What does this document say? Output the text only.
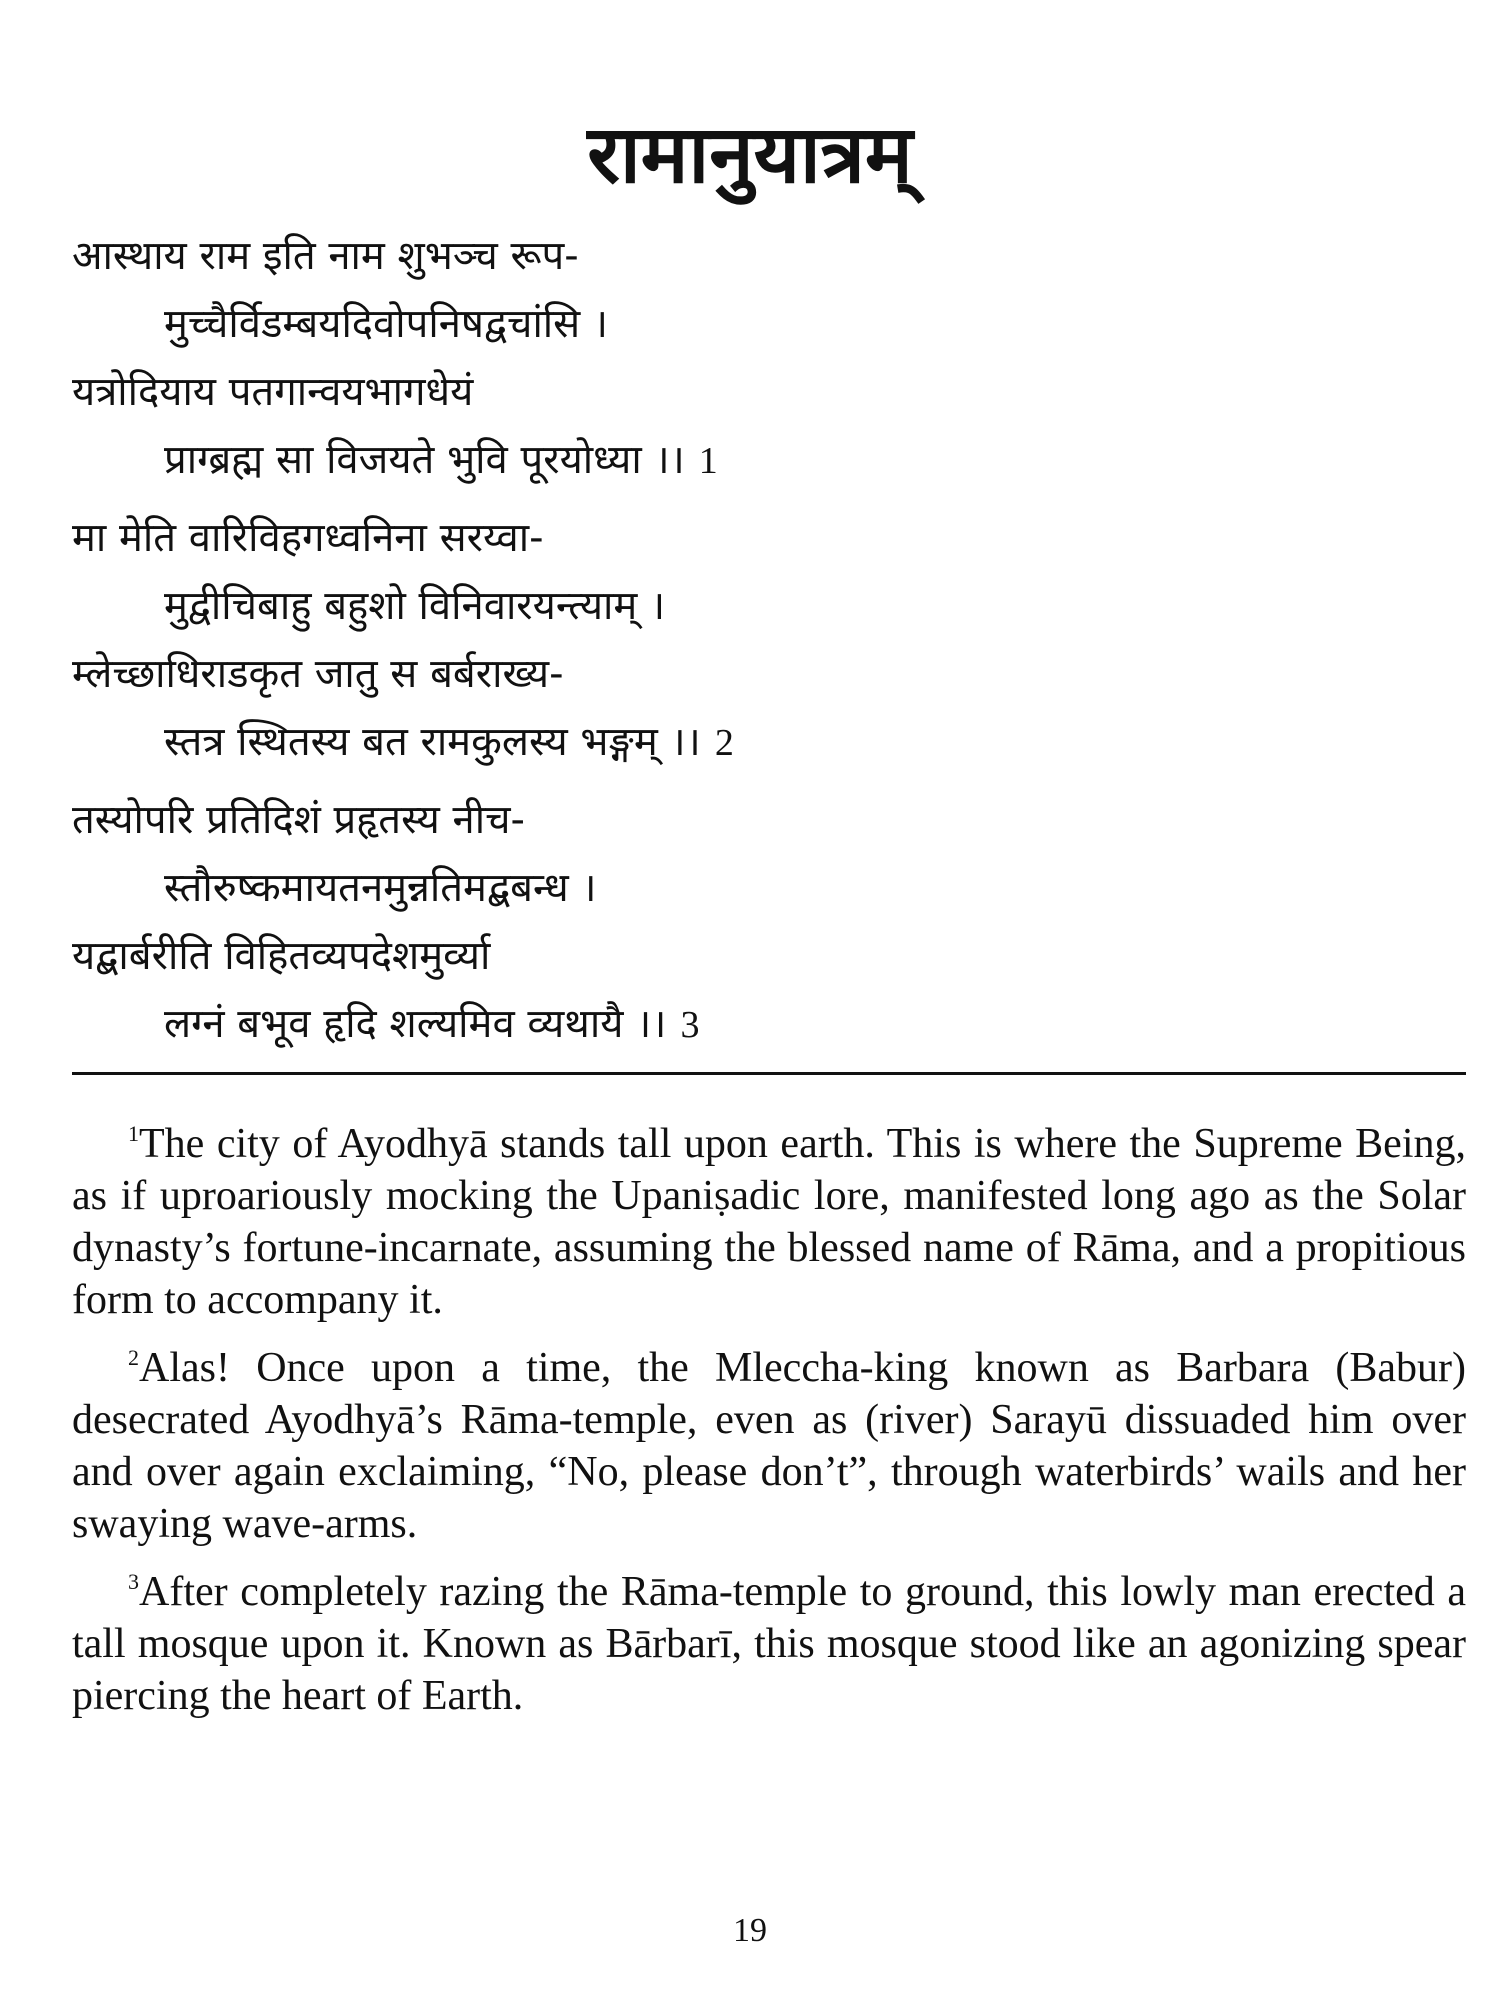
रामानुयात्रम्
आस्थाय राम इति नाम शुभञ्च रूप-
मुच्चैर्विडम्बयदिवोपनिषद्वचांसि ।
यत्रोदियाय पतगान्वयभागधेयं
प्राग्ब्रह्म सा विजयते भुवि पूरयोध्या ।। 1
मा मेति वारिविहगध्वनिना सरय्वा-
मुद्वीचिबाहु बहुशो विनिवारयन्त्याम् ।
म्लेच्छाधिराडकृत जातु स बर्बराख्य-
स्तत्र स्थितस्य बत रामकुलस्य भङ्गम् ।। 2
तस्योपरि प्रतिदिशं प्रहृतस्य नीच-
स्तौरुष्कमायतनमुन्नतिमद्बबन्ध ।
यद्बार्बरीति विहितव्यपदेशमुर्व्या
लग्नं बभूव हृदि शल्यमिव व्यथायै ।। 3

$^1$The city of Ayodhyā stands tall upon earth. This is where the Supreme Being, as if uproariously mocking the Upaniṣadic lore, manifested long ago as the Solar dynasty’s fortune-incarnate, assuming the blessed name of Rāma, and a propitious form to accompany it.

$^2$Alas! Once upon a time, the Mleccha-king known as Barbara (Babur) desecrated Ayodhyā’s Rāma-temple, even as (river) Sarayū dissuaded him over and over again exclaiming, “No, please don’t”, through waterbirds’ wails and her swaying wave-arms.

$^3$After completely razing the Rāma-temple to ground, this lowly man erected a tall mosque upon it. Known as Bārbarī, this mosque stood like an agonizing spear piercing the heart of Earth.

19
